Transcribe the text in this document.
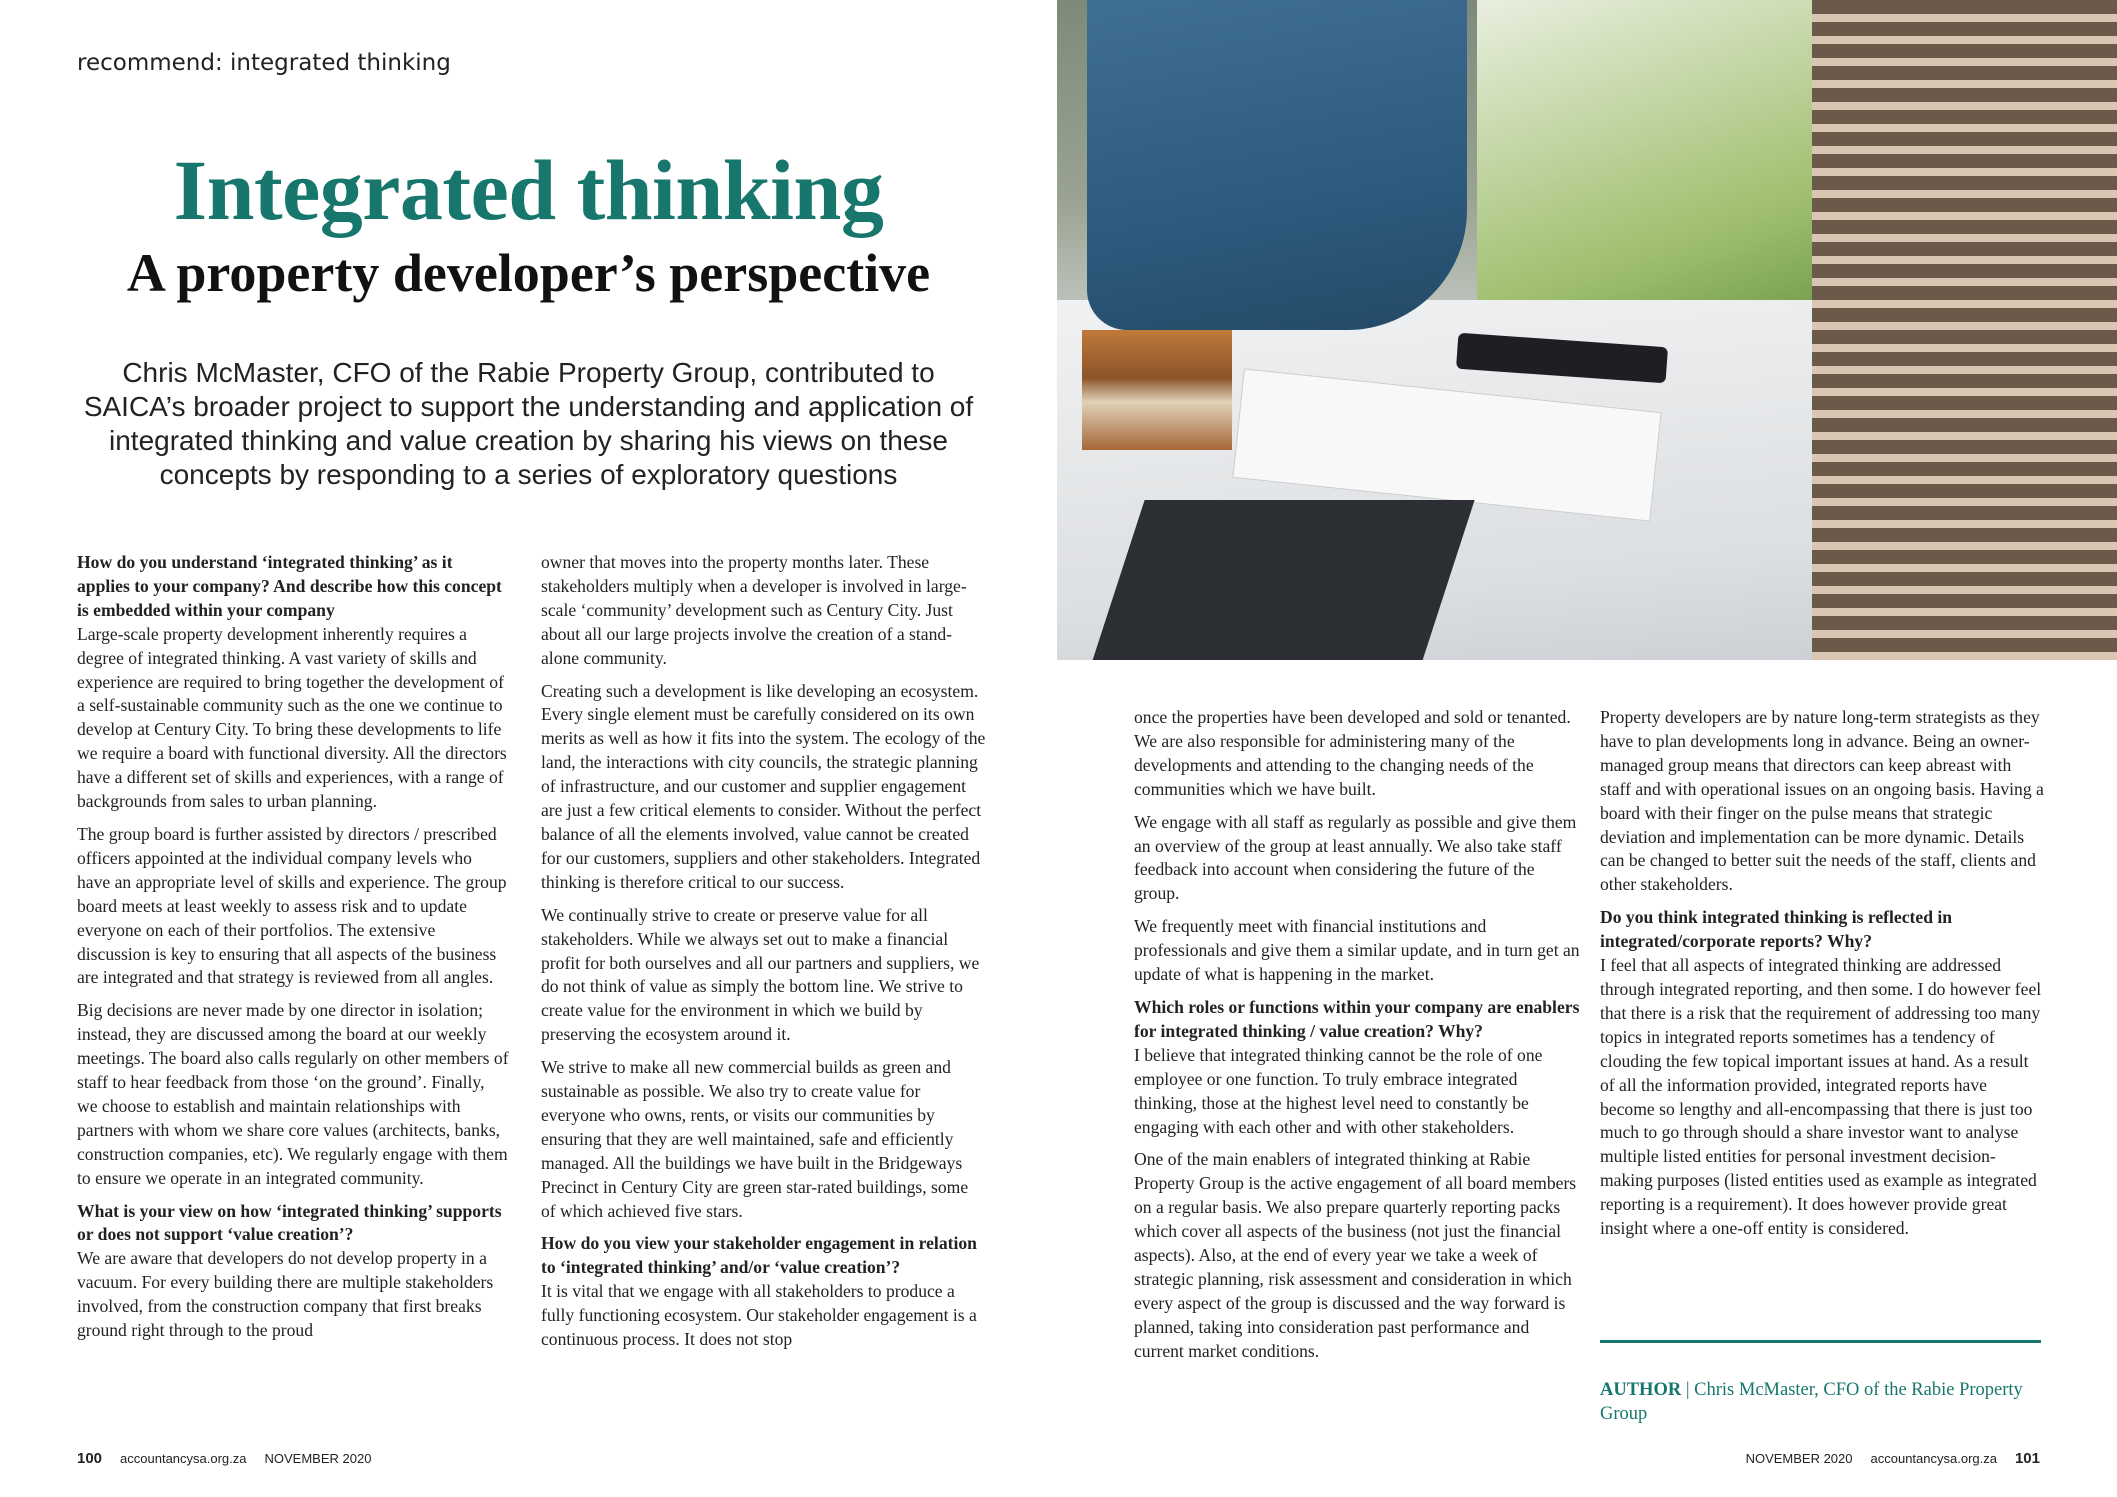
recommend: integrated thinking
Integrated thinking
A property developer’s perspective

Chris McMaster, CFO of the Rabie Property Group, contributed to SAICA’s broader project to support the understanding and application of integrated thinking and value creation by sharing his views on these concepts by responding to a series of exploratory questions

How do you understand ‘integrated thinking’ as it applies to your company? And describe how this concept is embedded within your company

Large-scale property development inherently requires a degree of integrated thinking. A vast variety of skills and experience are required to bring together the development of a self-sustainable community such as the one we continue to develop at Century City. To bring these developments to life we require a board with functional diversity. All the directors have a different set of skills and experiences, with a range of backgrounds from sales to urban planning.

The group board is further assisted by directors / prescribed officers appointed at the individual company levels who have an appropriate level of skills and experience. The group board meets at least weekly to assess risk and to update everyone on each of their portfolios. The extensive discussion is key to ensuring that all aspects of the business are integrated and that strategy is reviewed from all angles.

Big decisions are never made by one director in isolation; instead, they are discussed among the board at our weekly meetings. The board also calls regularly on other members of staff to hear feedback from those ‘on the ground’. Finally, we choose to establish and maintain relationships with partners with whom we share core values (architects, banks, construction companies, etc). We regularly engage with them to ensure we operate in an integrated community.

What is your view on how ‘integrated thinking’ supports or does not support ‘value creation’?

We are aware that developers do not develop property in a vacuum. For every building there are multiple stakeholders involved, from the construction company that first breaks ground right through to the proud

owner that moves into the property months later. These stakeholders multiply when a developer is involved in large-scale ‘community’ development such as Century City. Just about all our large projects involve the creation of a stand-alone community.

Creating such a development is like developing an ecosystem. Every single element must be carefully considered on its own merits as well as how it fits into the system. The ecology of the land, the interactions with city councils, the strategic planning of infrastructure, and our customer and supplier engagement are just a few critical elements to consider. Without the perfect balance of all the elements involved, value cannot be created for our customers, suppliers and other stakeholders. Integrated thinking is therefore critical to our success.

We continually strive to create or preserve value for all stakeholders. While we always set out to make a financial profit for both ourselves and all our partners and suppliers, we do not think of value as simply the bottom line. We strive to create value for the environment in which we build by preserving the ecosystem around it.

We strive to make all new commercial builds as green and sustainable as possible. We also try to create value for everyone who owns, rents, or visits our communities by ensuring that they are well maintained, safe and efficiently managed. All the buildings we have built in the Bridgeways Precinct in Century City are green star-rated buildings, some of which achieved five stars.

How do you view your stakeholder engagement in relation to ‘integrated thinking’ and/or ‘value creation’?

It is vital that we engage with all stakeholders to produce a fully functioning ecosystem. Our stakeholder engagement is a continuous process. It does not stop

once the properties have been developed and sold or tenanted. We are also responsible for administering many of the developments and attending to the changing needs of the communities which we have built.

We engage with all staff as regularly as possible and give them an overview of the group at least annually. We also take staff feedback into account when considering the future of the group.

We frequently meet with financial institutions and professionals and give them a similar update, and in turn get an update of what is happening in the market.

Which roles or functions within your company are enablers for integrated thinking / value creation? Why?

I believe that integrated thinking cannot be the role of one employee or one function. To truly embrace integrated thinking, those at the highest level need to constantly be engaging with each other and with other stakeholders.

One of the main enablers of integrated thinking at Rabie Property Group is the active engagement of all board members on a regular basis. We also prepare quarterly reporting packs which cover all aspects of the business (not just the financial aspects). Also, at the end of every year we take a week of strategic planning, risk assessment and consideration in which every aspect of the group is discussed and the way forward is planned, taking into consideration past performance and current market conditions.

Property developers are by nature long-term strategists as they have to plan developments long in advance. Being an owner-managed group means that directors can keep abreast with staff and with operational issues on an ongoing basis. Having a board with their finger on the pulse means that strategic deviation and implementation can be more dynamic. Details can be changed to better suit the needs of the staff, clients and other stakeholders.

Do you think integrated thinking is reflected in integrated/corporate reports? Why?

I feel that all aspects of integrated thinking are addressed through integrated reporting, and then some. I do however feel that there is a risk that the requirement of addressing too many topics in integrated reports sometimes has a tendency of clouding the few topical important issues at hand. As a result of all the information provided, integrated reports have become so lengthy and all-encompassing that there is just too much to go through should a share investor want to analyse multiple listed entities for personal investment decision-making purposes (listed entities used as example as integrated reporting is a requirement). It does however provide great insight where a one-off entity is considered.

AUTHOR | Chris McMaster, CFO of the Rabie Property Group
100 accountancysa.org.za NOVEMBER 2020	NOVEMBER 2020 accountancysa.org.za 101
